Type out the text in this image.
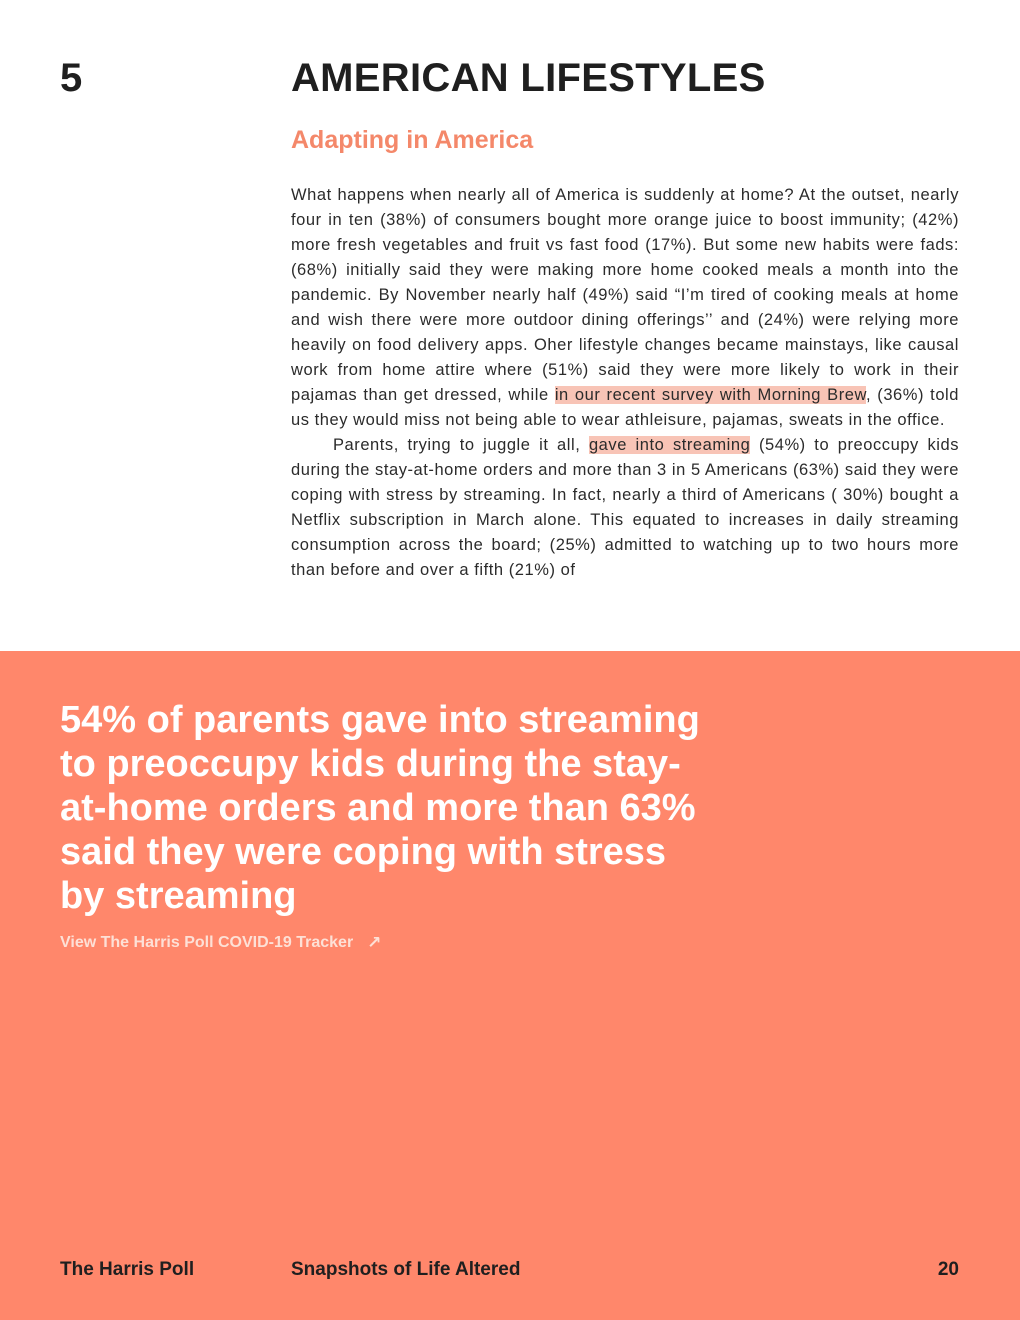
5	AMERICAN LIFESTYLES
Adapting in America

What happens when nearly all of America is suddenly at home? At the outset, nearly four in ten (38%) of consumers bought more orange juice to boost immunity; (42%) more fresh vegetables and fruit vs fast food (17%). But some new habits were fads: (68%) initially said they were making more home cooked meals a month into the pandemic. By November nearly half (49%) said “I’m tired of cooking meals at home and wish there were more outdoor dining offerings’’ and (24%) were relying more heavily on food delivery apps. Oher lifestyle changes became mainstays, like causal work from home attire where (51%) said they were more likely to work in their pajamas than get dressed, while in our recent survey with Morning Brew, (36%) told us they would miss not being able to wear athleisure, pajamas, sweats in the office.

Parents, trying to juggle it all, gave into streaming (54%) to preoccupy kids during the stay-at-home orders and more than 3 in 5 Americans (63%) said they were coping with stress by streaming. In fact, nearly a third of Americans ( 30%) bought a Netflix subscription in March alone. This equated to increases in daily streaming consumption across the board; (25%) admitted to watching up to two hours more than before and over a fifth (21%) of

54% of parents gave into streaming to preoccupy kids during the stay-at-home orders and more than 63% said they were coping with stress by streaming

View The Harris Poll COVID-19 Tracker ↗
The Harris Poll	Snapshots of Life Altered	20
